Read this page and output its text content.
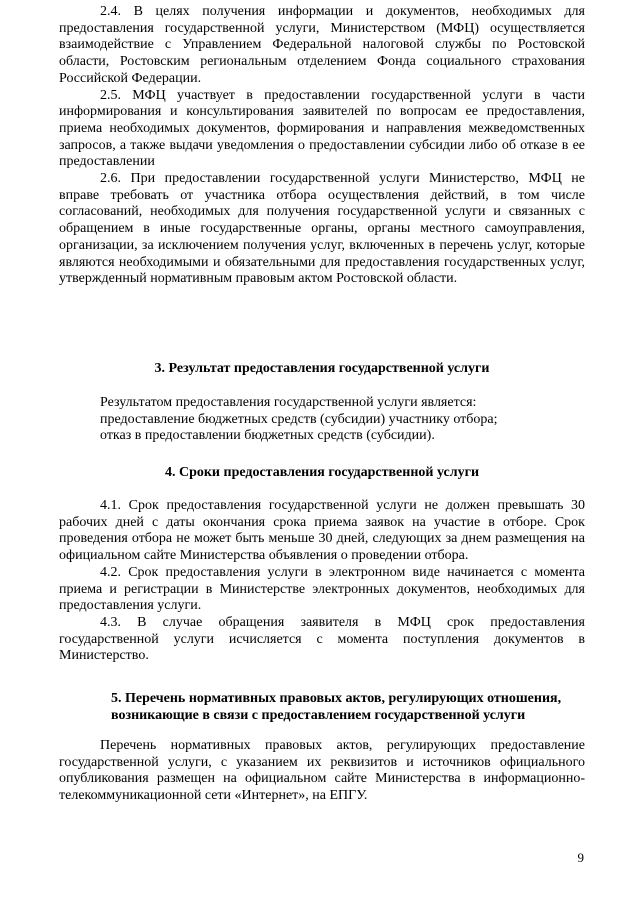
2.4. В целях получения информации и документов, необходимых для предоставления государственной услуги, Министерством (МФЦ) осуществляется взаимодействие с Управлением Федеральной налоговой службы по Ростовской области, Ростовским региональным отделением Фонда социального страхования Российской Федерации.

2.5. МФЦ участвует в предоставлении государственной услуги в части информирования и консультирования заявителей по вопросам ее предоставления, приема необходимых документов, формирования и направления межведомственных запросов, а также выдачи уведомления о предоставлении субсидии либо об отказе в ее предоставлении

2.6. При предоставлении государственной услуги Министерство, МФЦ не вправе требовать от участника отбора осуществления действий, в том числе согласований, необходимых для получения государственной услуги и связанных с обращением в иные государственные органы, органы местного самоуправления, организации, за исключением получения услуг, включенных в перечень услуг, которые являются необходимыми и обязательными для предоставления государственных услуг, утвержденный нормативным правовым актом Ростовской области.

3. Результат предоставления государственной услуги

Результатом предоставления государственной услуги является:
предоставление бюджетных средств (субсидии) участнику отбора;
отказ в предоставлении бюджетных средств (субсидии).

4. Сроки предоставления государственной услуги

4.1. Срок предоставления государственной услуги не должен превышать 30 рабочих дней с даты окончания срока приема заявок на участие в отборе. Срок проведения отбора не может быть меньше 30 дней, следующих за днем размещения на официальном сайте Министерства объявления о проведении отбора.

4.2. Срок предоставления услуги в электронном виде начинается с момента приема и регистрации в Министерстве электронных документов, необходимых для предоставления услуги.

4.3. В случае обращения заявителя в МФЦ срок предоставления государственной услуги исчисляется с момента поступления документов в Министерство.

5. Перечень нормативных правовых актов, регулирующих отношения,
возникающие в связи с предоставлением государственной услуги

Перечень нормативных правовых актов, регулирующих предоставление государственной услуги, с указанием их реквизитов и источников официального опубликования размещен на официальном сайте Министерства в информационно-телекоммуникационной сети «Интернет», на ЕПГУ.

9
